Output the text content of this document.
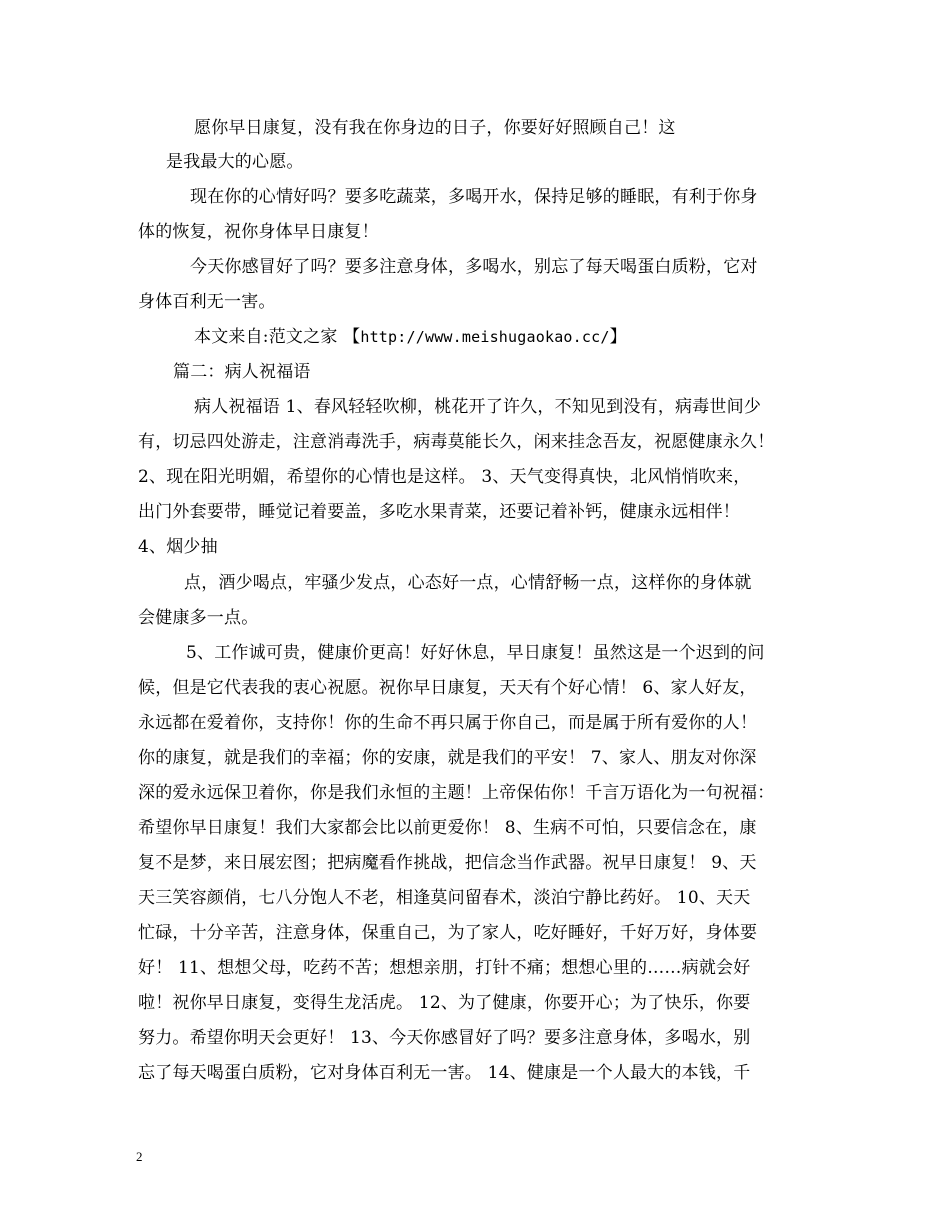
愿你早日康复，没有我在你身边的日子，你要好好照顾自己！这
是我最大的心愿。
现在你的心情好吗？要多吃蔬菜，多喝开水，保持足够的睡眠，有利于你身
体的恢复，祝你身体早日康复！
今天你感冒好了吗？要多注意身体，多喝水，别忘了每天喝蛋白质粉，它对
身体百利无一害。
本文来自:范文之家 【http://www.meishugaokao.cc/】
篇二：病人祝福语
病人祝福语 1、春风轻轻吹柳，桃花开了许久，不知见到没有，病毒世间少
有，切忌四处游走，注意消毒洗手，病毒莫能长久，闲来挂念吾友，祝愿健康永久！
2、现在阳光明媚，希望你的心情也是这样。 3、天气变得真快，北风悄悄吹来，
出门外套要带，睡觉记着要盖，多吃水果青菜，还要记着补钙，健康永远相伴！
4、烟少抽
点，酒少喝点，牢骚少发点，心态好一点，心情舒畅一点，这样你的身体就
会健康多一点。
5、工作诚可贵，健康价更高！好好休息，早日康复！虽然这是一个迟到的问
候，但是它代表我的衷心祝愿。祝你早日康复，天天有个好心情！ 6、家人好友，
永远都在爱着你，支持你！你的生命不再只属于你自己，而是属于所有爱你的人！
你的康复，就是我们的幸福；你的安康，就是我们的平安！ 7、家人、朋友对你深
深的爱永远保卫着你，你是我们永恒的主题！上帝保佑你！千言万语化为一句祝福：
希望你早日康复！我们大家都会比以前更爱你！ 8、生病不可怕，只要信念在，康
复不是梦，来日展宏图；把病魔看作挑战，把信念当作武器。祝早日康复！ 9、天
天三笑容颜俏，七八分饱人不老，相逢莫问留春术，淡泊宁静比药好。 10、天天
忙碌，十分辛苦，注意身体，保重自己，为了家人，吃好睡好，千好万好，身体要
好！ 11、想想父母，吃药不苦；想想亲朋，打针不痛；想想心里的……病就会好
啦！祝你早日康复，变得生龙活虎。 12、为了健康，你要开心；为了快乐，你要
努力。希望你明天会更好！ 13、今天你感冒好了吗？要多注意身体，多喝水，别
忘了每天喝蛋白质粉，它对身体百利无一害。 14、健康是一个人最大的本钱，千
2
